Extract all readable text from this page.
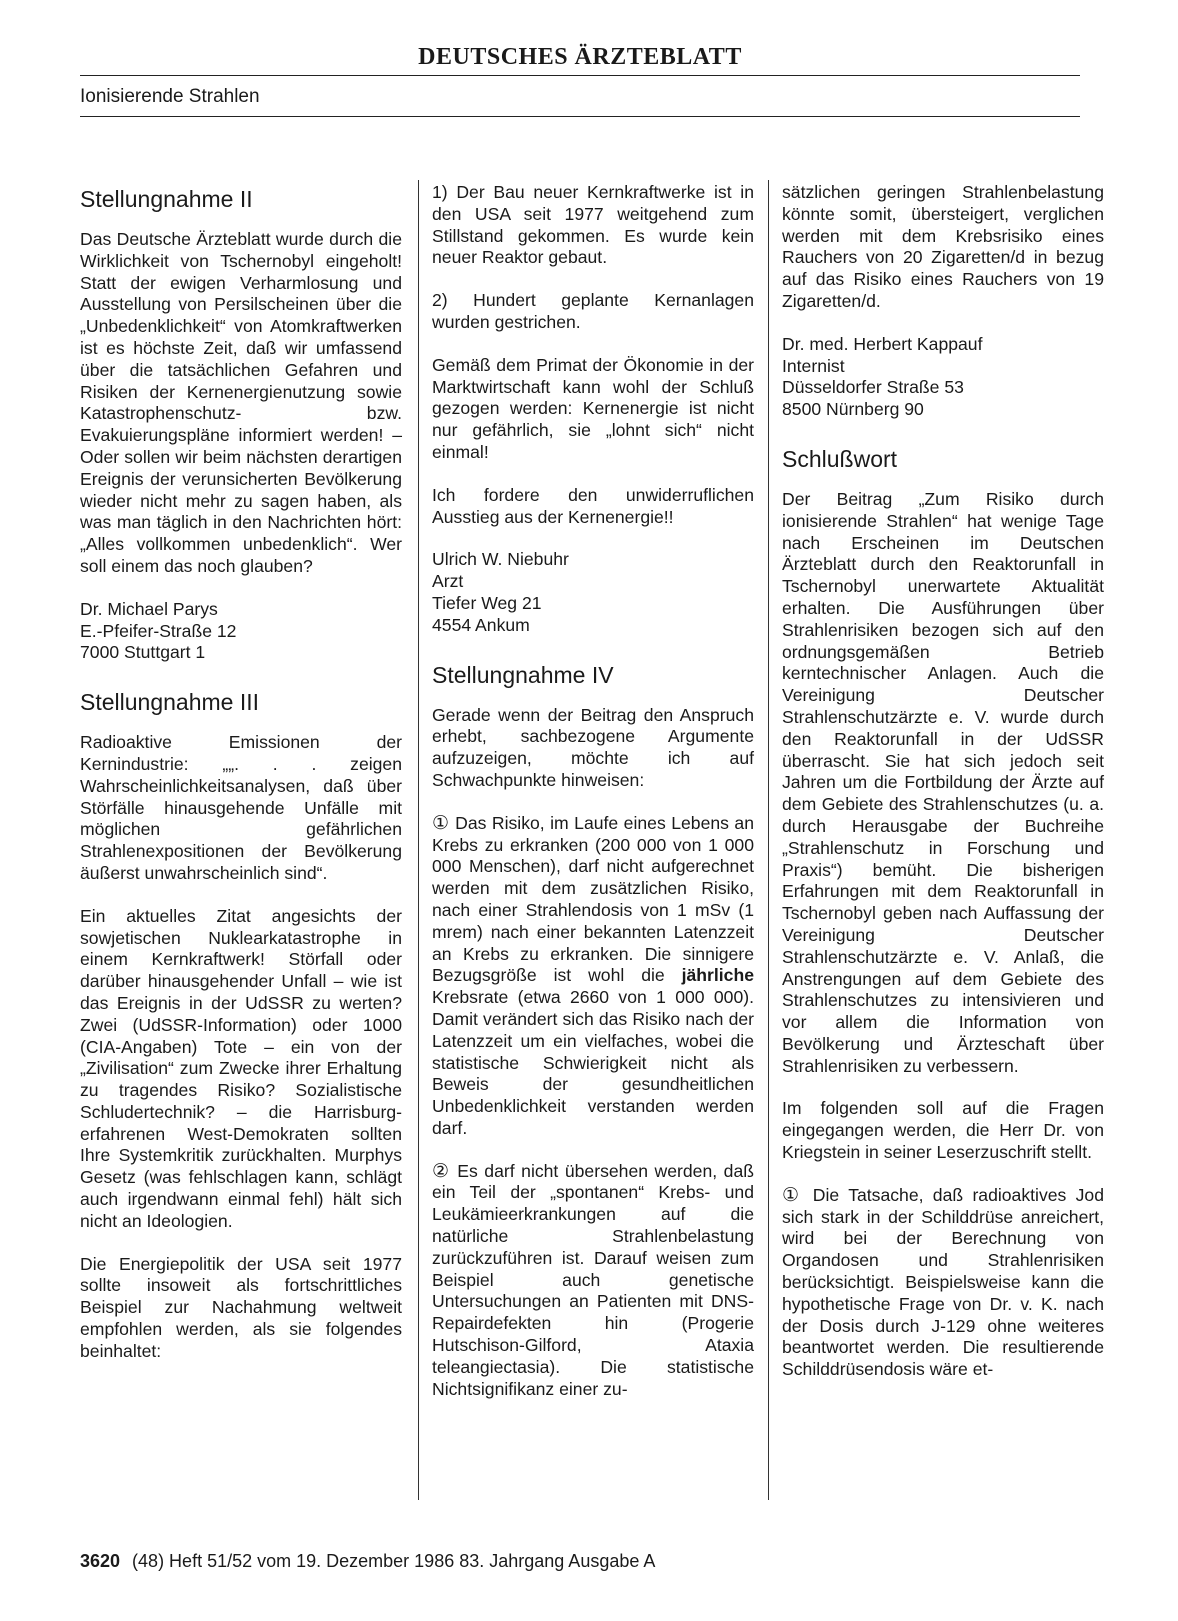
DEUTSCHES ÄRZTEBLATT
Ionisierende Strahlen
Stellungnahme II

Das Deutsche Ärzteblatt wurde durch die Wirklichkeit von Tschernobyl eingeholt! Statt der ewigen Verharmlosung und Ausstellung von Persilscheinen über die „Unbedenklichkeit“ von Atomkraftwerken ist es höchste Zeit, daß wir umfassend über die tatsächlichen Gefahren und Risiken der Kernenergienutzung sowie Katastrophenschutz- bzw. Evakuierungspläne informiert werden! – Oder sollen wir beim nächsten derartigen Ereignis der verunsicherten Bevölkerung wieder nicht mehr zu sagen haben, als was man täglich in den Nachrichten hört: „Alles vollkommen unbedenklich“. Wer soll einem das noch glauben?

Dr. Michael Parys
E.-Pfeifer-Straße 12
7000 Stuttgart 1
Stellungnahme III

Radioaktive Emissionen der Kernindustrie: „„. . . zeigen Wahrscheinlichkeitsanalysen, daß über Störfälle hinausgehende Unfälle mit möglichen gefährlichen Strahlenexpositionen der Bevölkerung äußerst unwahrscheinlich sind“.

Ein aktuelles Zitat angesichts der sowjetischen Nuklearkatastrophe in einem Kernkraftwerk! Störfall oder darüber hinausgehender Unfall – wie ist das Ereignis in der UdSSR zu werten? Zwei (UdSSR-Information) oder 1000 (CIA-Angaben) Tote – ein von der „Zivilisation“ zum Zwecke ihrer Erhaltung zu tragendes Risiko? Sozialistische Schludertechnik? – die Harrisburg-erfahrenen West-Demokraten sollten Ihre Systemkritik zurückhalten. Murphys Gesetz (was fehlschlagen kann, schlägt auch irgendwann einmal fehl) hält sich nicht an Ideologien.

Die Energiepolitik der USA seit 1977 sollte insoweit als fortschrittliches Beispiel zur Nachahmung weltweit empfohlen werden, als sie folgendes beinhaltet:

1) Der Bau neuer Kernkraftwerke ist in den USA seit 1977 weitgehend zum Stillstand gekommen. Es wurde kein neuer Reaktor gebaut.

2) Hundert geplante Kernanlagen wurden gestrichen.

Gemäß dem Primat der Ökonomie in der Marktwirtschaft kann wohl der Schluß gezogen werden: Kernenergie ist nicht nur gefährlich, sie „lohnt sich“ nicht einmal!

Ich fordere den unwiderruflichen Ausstieg aus der Kernenergie!!

Ulrich W. Niebuhr
Arzt
Tiefer Weg 21
4554 Ankum
Stellungnahme IV

Gerade wenn der Beitrag den Anspruch erhebt, sachbezogene Argumente aufzuzeigen, möchte ich auf Schwachpunkte hinweisen:

① Das Risiko, im Laufe eines Lebens an Krebs zu erkranken (200 000 von 1 000 000 Menschen), darf nicht aufgerechnet werden mit dem zusätzlichen Risiko, nach einer Strahlendosis von 1 mSv (1 mrem) nach einer bekannten Latenzzeit an Krebs zu erkranken. Die sinnigere Bezugsgröße ist wohl die jährliche Krebsrate (etwa 2660 von 1 000 000). Damit verändert sich das Risiko nach der Latenzzeit um ein vielfaches, wobei die statistische Schwierigkeit nicht als Beweis der gesundheitlichen Unbedenklichkeit verstanden werden darf.

② Es darf nicht übersehen werden, daß ein Teil der „spontanen“ Krebs- und Leukämieerkrankungen auf die natürliche Strahlenbelastung zurückzuführen ist. Darauf weisen zum Beispiel auch genetische Untersuchungen an Patienten mit DNS-Repairdefekten hin (Progerie Hutschison-Gilford, Ataxia teleangiectasia). Die statistische Nichtsignifikanz einer zu-

sätzlichen geringen Strahlenbelastung könnte somit, übersteigert, verglichen werden mit dem Krebsrisiko eines Rauchers von 20 Zigaretten/d in bezug auf das Risiko eines Rauchers von 19 Zigaretten/d.

Dr. med. Herbert Kappauf
Internist
Düsseldorfer Straße 53
8500 Nürnberg 90
Schlußwort

Der Beitrag „Zum Risiko durch ionisierende Strahlen“ hat wenige Tage nach Erscheinen im Deutschen Ärzteblatt durch den Reaktorunfall in Tschernobyl unerwartete Aktualität erhalten. Die Ausführungen über Strahlenrisiken bezogen sich auf den ordnungsgemäßen Betrieb kerntechnischer Anlagen. Auch die Vereinigung Deutscher Strahlenschutzärzte e. V. wurde durch den Reaktorunfall in der UdSSR überrascht. Sie hat sich jedoch seit Jahren um die Fortbildung der Ärzte auf dem Gebiete des Strahlenschutzes (u. a. durch Herausgabe der Buchreihe „Strahlenschutz in Forschung und Praxis“) bemüht. Die bisherigen Erfahrungen mit dem Reaktorunfall in Tschernobyl geben nach Auffassung der Vereinigung Deutscher Strahlenschutzärzte e. V. Anlaß, die Anstrengungen auf dem Gebiete des Strahlenschutzes zu intensivieren und vor allem die Information von Bevölkerung und Ärzteschaft über Strahlenrisiken zu verbessern.

Im folgenden soll auf die Fragen eingegangen werden, die Herr Dr. von Kriegstein in seiner Leserzuschrift stellt.

① Die Tatsache, daß radioaktives Jod sich stark in der Schilddrüse anreichert, wird bei der Berechnung von Organdosen und Strahlenrisiken berücksichtigt. Beispielsweise kann die hypothetische Frage von Dr. v. K. nach der Dosis durch J-129 ohne weiteres beantwortet werden. Die resultierende Schilddrüsendosis wäre et-

3620 (48) Heft 51/52 vom 19. Dezember 1986 83. Jahrgang Ausgabe A
